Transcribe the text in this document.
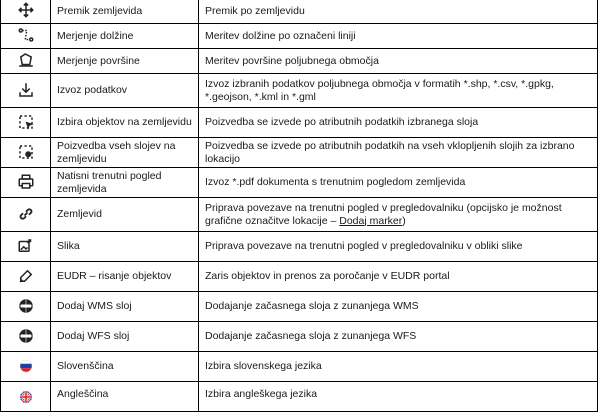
	Premik zemljevida	Premik po zemljevidu

	Merjenje dolžine	Meritev dolžine po označeni liniji

	Merjenje površine	Meritev površine poljubnega območja

	Izvoz podatkov	Izvoz izbranih podatkov poljubnega območja v formatih *.shp, *.csv, *.gpkg, *.geojson, *.kml in *.gml

	Izbira objektov na zemljevidu	Poizvedba se izvede po atributnih podatkih izbranega sloja

	Poizvedba vseh slojev na zemljevidu	Poizvedba se izvede po atributnih podatkih na vseh vklopljenih slojih za izbrano lokacijo

	Natisni trenutni pogled zemljevida	Izvoz *.pdf dokumenta s trenutnim pogledom zemljevida

	Zemljevid	Priprava povezave na trenutni pogled v pregledovalniku (opcijsko je možnost grafične označitve lokacije – Dodaj marker)

	Slika	Priprava povezave na trenutni pogled v pregledovalniku v obliki slike

	EUDR – risanje objektov	Zaris objektov in prenos za poročanje v EUDR portal

	Dodaj WMS sloj	Dodajanje začasnega sloja z zunanjega WMS

	Dodaj WFS sloj	Dodajanje začasnega sloja z zunanjega WFS

	Slovenščina	Izbira slovenskega jezika

	Angleščina	Izbira angleškega jezika
